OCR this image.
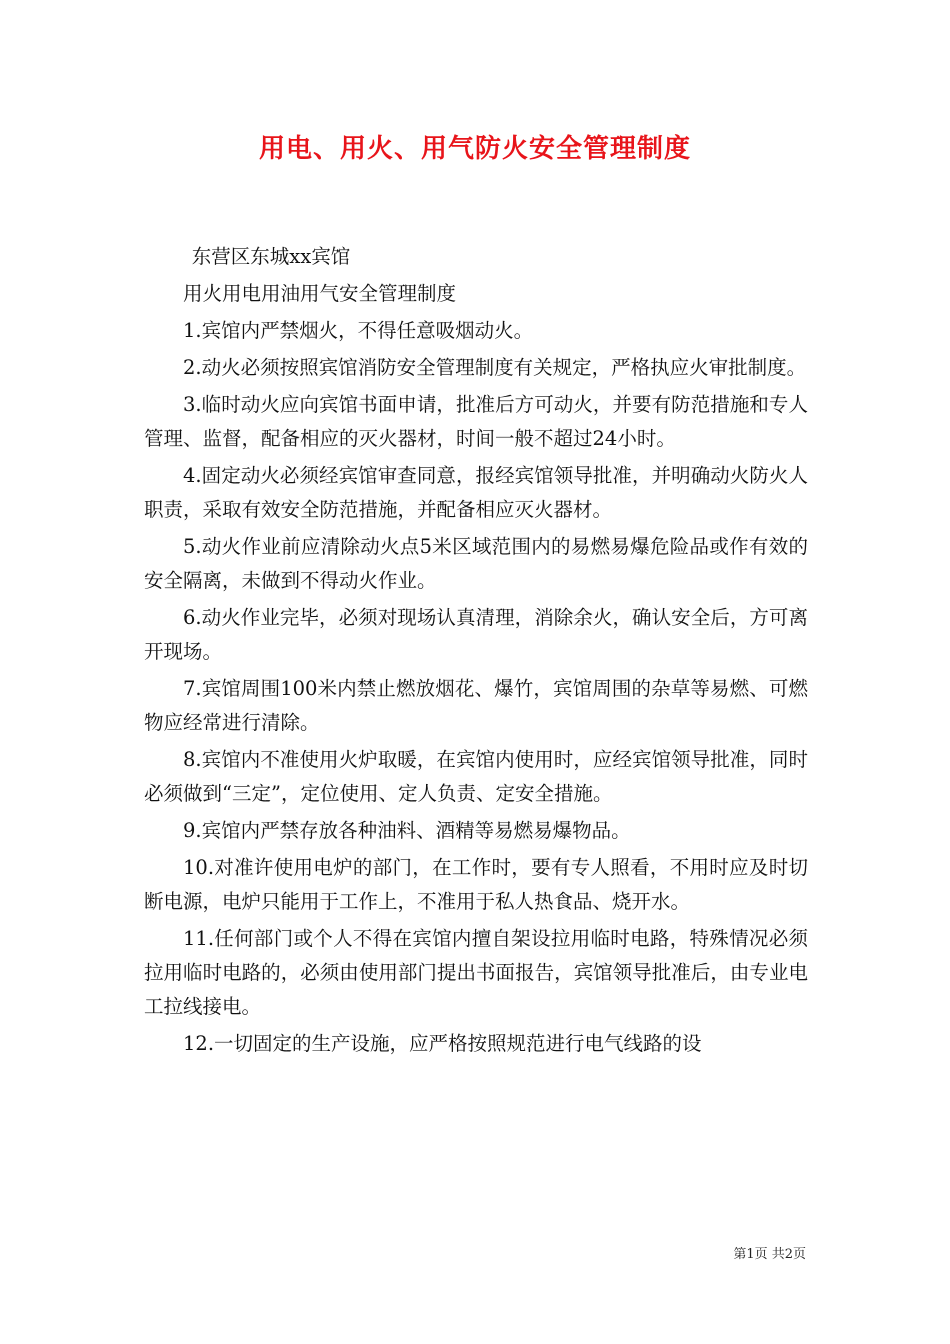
用电、用火、用气防火安全管理制度

东营区东城xx宾馆

用火用电用油用气安全管理制度

1.宾馆内严禁烟火，不得任意吸烟动火。

2.动火必须按照宾馆消防安全管理制度有关规定，严格执应火审批制度。

3.临时动火应向宾馆书面申请，批准后方可动火，并要有防范措施和专人管理、监督，配备相应的灭火器材，时间一般不超过24小时。

4.固定动火必须经宾馆审查同意，报经宾馆领导批准，并明确动火防火人职责，采取有效安全防范措施，并配备相应灭火器材。

5.动火作业前应清除动火点5米区域范围内的易燃易爆危险品或作有效的安全隔离，未做到不得动火作业。

6.动火作业完毕，必须对现场认真清理，消除余火，确认安全后，方可离开现场。

7.宾馆周围100米内禁止燃放烟花、爆竹，宾馆周围的杂草等易燃、可燃物应经常进行清除。

8.宾馆内不准使用火炉取暖，在宾馆内使用时，应经宾馆领导批准，同时必须做到“三定”，定位使用、定人负责、定安全措施。

9.宾馆内严禁存放各种油料、酒精等易燃易爆物品。

10.对准许使用电炉的部门，在工作时，要有专人照看，不用时应及时切断电源，电炉只能用于工作上，不准用于私人热食品、烧开水。

11.任何部门或个人不得在宾馆内擅自架设拉用临时电路，特殊情况必须拉用临时电路的，必须由使用部门提出书面报告，宾馆领导批准后，由专业电工拉线接电。

12.一切固定的生产设施，应严格按照规范进行电气线路的设

第1页 共2页
